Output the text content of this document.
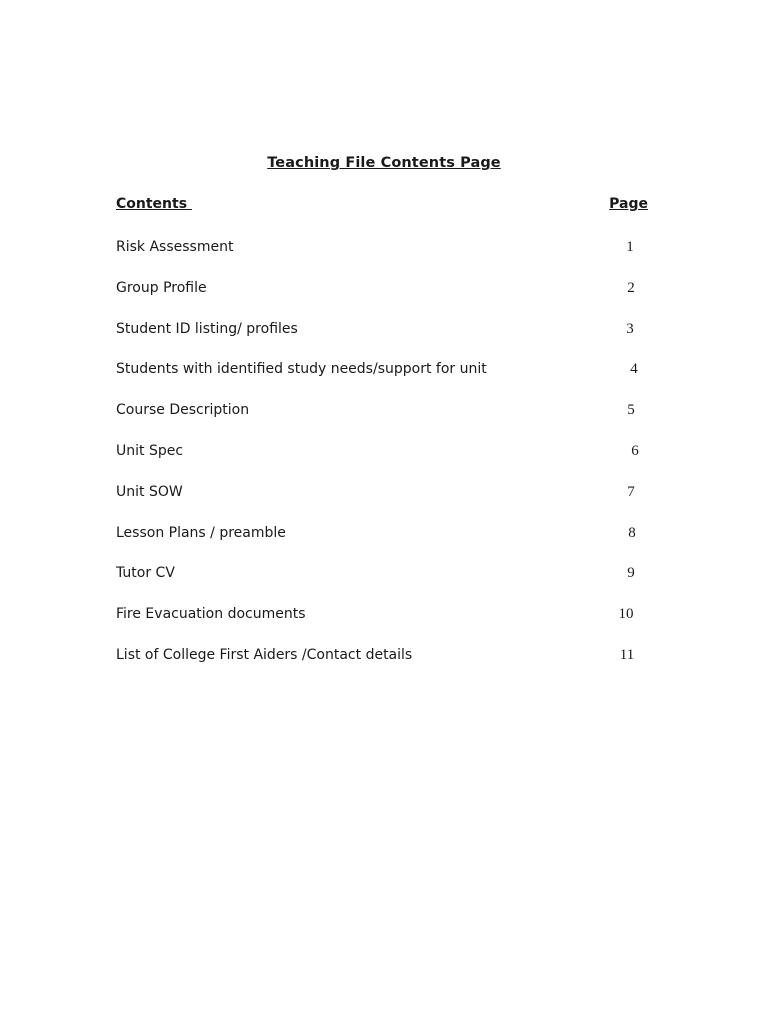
Teaching File Contents Page
Contents	Page
Risk Assessment	1
Group Profile	2
Student ID listing/ profiles	3
Students with identified study needs/support for unit	4
Course Description	5
Unit Spec	6
Unit SOW	7
Lesson Plans / preamble	8
Tutor CV	9
Fire Evacuation documents	10
List of College First Aiders /Contact details	11
